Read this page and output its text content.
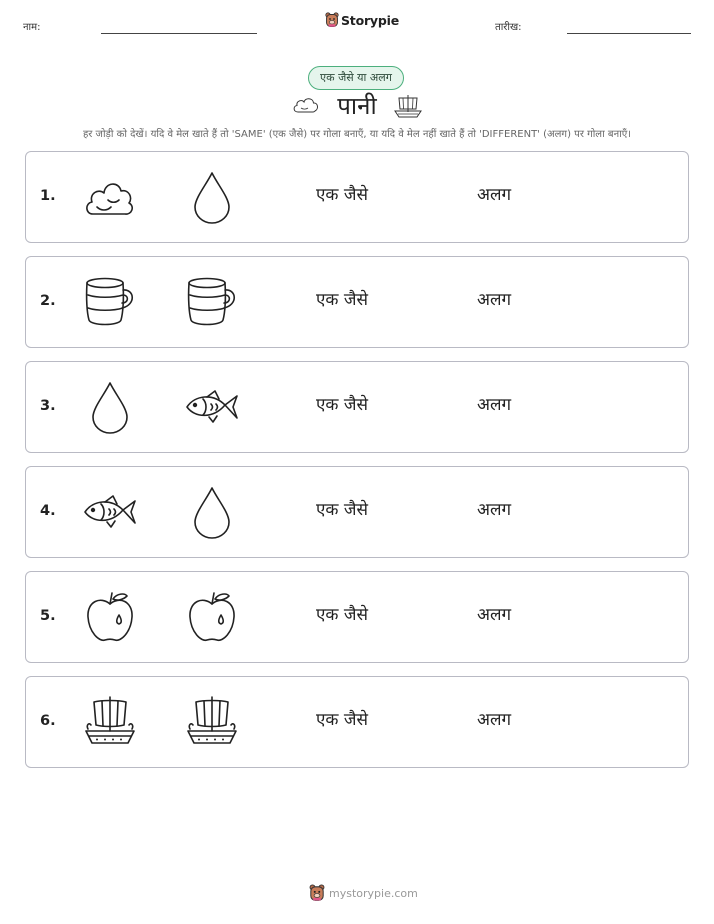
नाम:	Storypie	तारीख:
एक जैसे या अलग
पानी
हर जोड़ी को देखें। यदि वे मेल खाते हैं तो 'SAME' (एक जैसे) पर गोला बनाएँ, या यदि वे मेल नहीं खाते हैं तो 'DIFFERENT' (अलग) पर गोला बनाएँ।
1.	एक जैसे	अलग
2.	एक जैसे	अलग
3.	एक जैसे	अलग
4.	एक जैसे	अलग
5.	एक जैसे	अलग
6.	एक जैसे	अलग
mystorypie.com
